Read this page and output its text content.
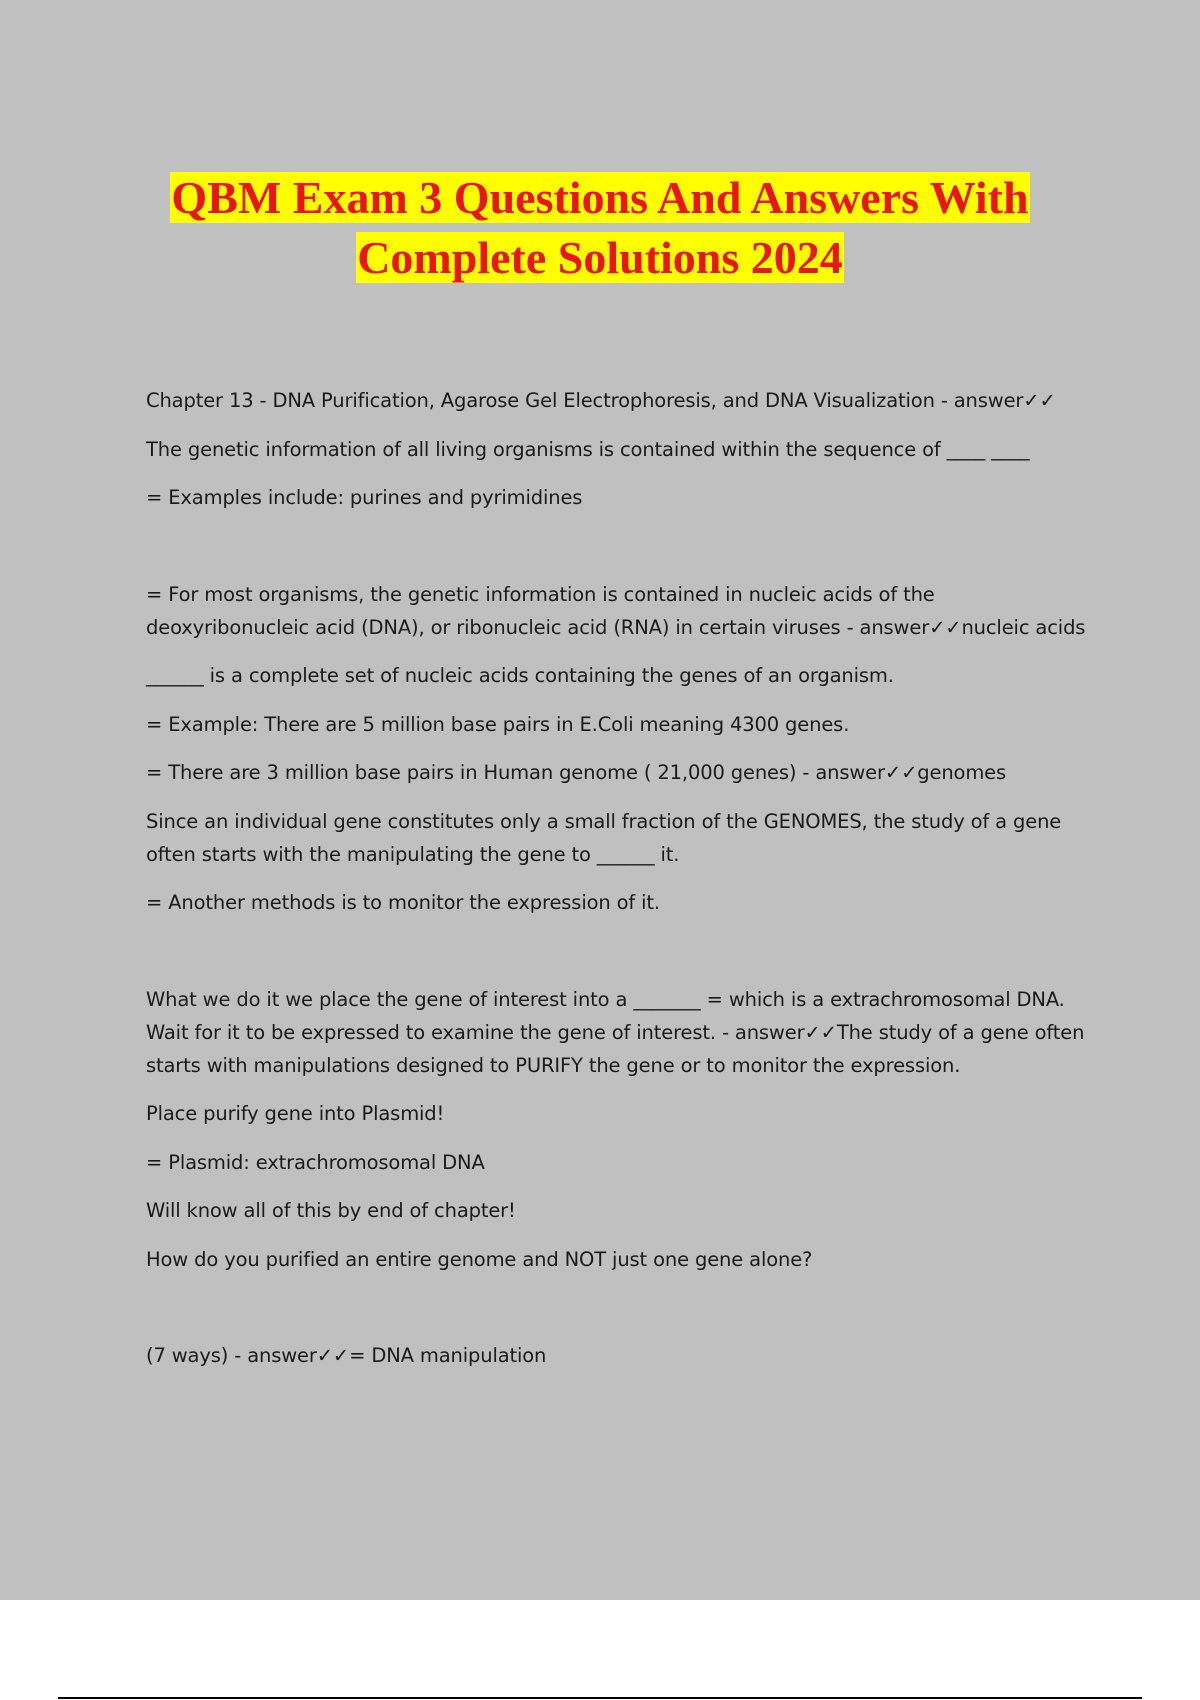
QBM Exam 3 Questions And Answers With
Complete Solutions 2024

Chapter 13 - DNA Purification, Agarose Gel Electrophoresis, and DNA Visualization - answer✓✓

The genetic information of all living organisms is contained within the sequence of ____ ____

= Examples include: purines and pyrimidines

= For most organisms, the genetic information is contained in nucleic acids of the deoxyribonucleic acid (DNA), or ribonucleic acid (RNA) in certain viruses - answer✓✓nucleic acids

______ is a complete set of nucleic acids containing the genes of an organism.

= Example: There are 5 million base pairs in E.Coli meaning 4300 genes.

= There are 3 million base pairs in Human genome ( 21,000 genes) - answer✓✓genomes

Since an individual gene constitutes only a small fraction of the GENOMES, the study of a gene often starts with the manipulating the gene to ______ it.

= Another methods is to monitor the expression of it.

What we do it we place the gene of interest into a _______ = which is a extrachromosomal DNA. Wait for it to be expressed to examine the gene of interest. - answer✓✓The study of a gene often starts with manipulations designed to PURIFY the gene or to monitor the expression.

Place purify gene into Plasmid!

= Plasmid: extrachromosomal DNA

Will know all of this by end of chapter!

How do you purified an entire genome and NOT just one gene alone?

(7 ways) - answer✓✓= DNA manipulation
